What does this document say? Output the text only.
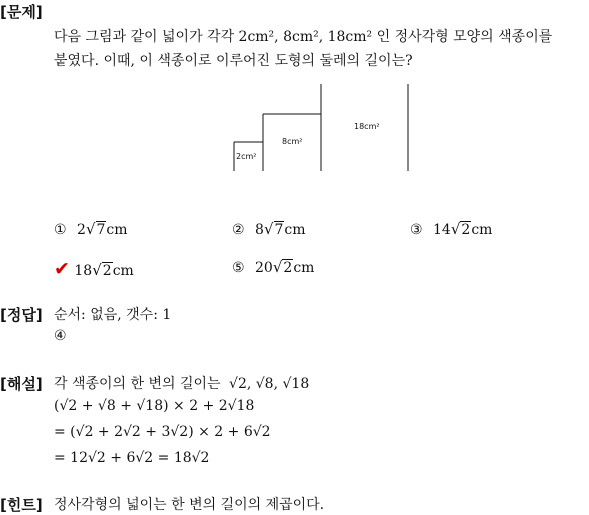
[문제]
다음 그림과 같이 넓이가 각각 2cm², 8cm², 18cm² 인 정사각형 모양의 색종이를
붙였다. 이때, 이 색종이로 이루어진 도형의 둘레의 길이는?
2cm²
8cm²
18cm²
① 2√7cm	② 8√7cm	③ 14√2cm
✔ 18√2cm	⑤ 20√2cm
[정답] 순서: 없음, 갯수: 1
④
[해설] 각 색종이의 한 변의 길이는 √2, √8, √18
(√2 + √8 + √18) × 2 + 2√18
= (√2 + 2√2 + 3√2) × 2 + 6√2
= 12√2 + 6√2 = 18√2
[힌트] 정사각형의 넓이는 한 변의 길이의 제곱이다.
